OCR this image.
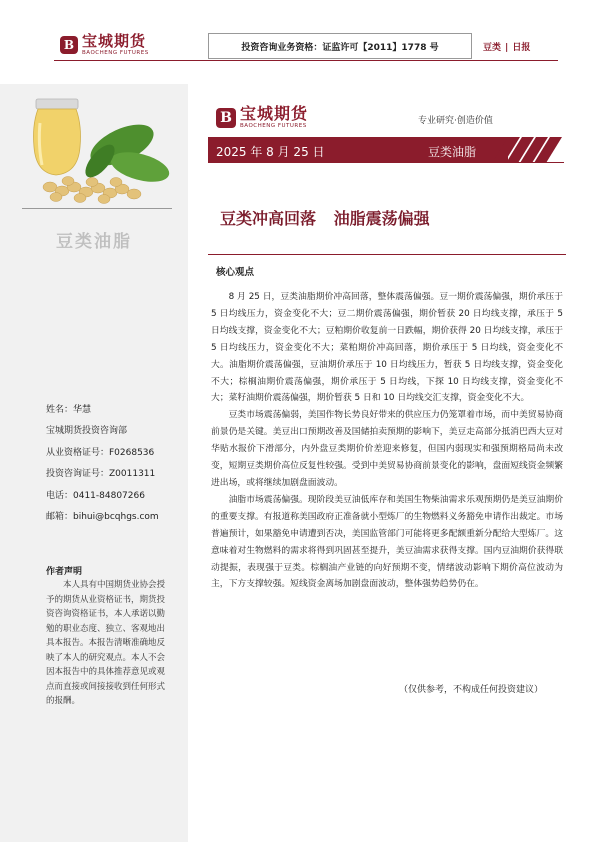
B 宝城期货
BAOCHENG FUTURES
投资咨询业务资格：证监许可【2011】1778 号	豆类 | 日报
豆类油脂
姓名：华慧
宝城期货投资咨询部
从业资格证号：F0268536
投资咨询证号：Z0011311
电话：0411-84807266
邮箱：bihui@bcqhgs.com
作者声明
本人具有中国期货业协会授予的期货从业资格证书，期货投资咨询资格证书，本人承诺以勤勉的职业态度、独立、客观地出具本报告。本报告清晰准确地反映了本人的研究观点。本人不会因本报告中的具体推荐意见或观点而直接或间接接收到任何形式的报酬。
B 宝城期货
BAOCHENG FUTURES	专业研究·创造价值
2025 年 8 月 25 日	豆类油脂
豆类冲高回落 油脂震荡偏强
核心观点

8 月 25 日，豆类油脂期价冲高回落，整体震荡偏强。豆一期价震荡偏强，期价承压于 5 日均线压力，资金变化不大；豆二期价震荡偏强，期价暂获 20 日均线支撑，承压于 5 日均线支撑，资金变化不大；豆粕期价收复前一日跌幅，期价获得 20 日均线支撑，承压于 5 日均线压力，资金变化不大；菜粕期价冲高回落，期价承压于 5 日均线，资金变化不大。油脂期价震荡偏强，豆油期价承压于 10 日均线压力，暂获 5 日均线支撑，资金变化不大；棕榈油期价震荡偏强，期价承压于 5 日均线，下探 10 日均线支撑，资金变化不大；菜籽油期价震荡偏强，期价暂获 5 日和 10 日均线交汇支撑，资金变化不大。

豆类市场震荡偏弱，美国作物长势良好带来的供应压力仍笼罩着市场，而中美贸易协商前景仍是关键。美豆出口预期改善及国储拍卖预期的影响下，美豆走高部分抵消巴西大豆对华贴水报价下滑部分，内外盘豆类期价价差迎来修复，但国内弱现实和强预期格局尚未改变，短期豆类期价高位反复性较强。受到中美贸易协商前景变化的影响，盘面短线资金频繁进出场，或将继续加剧盘面波动。

油脂市场震荡偏强。现阶段美豆油低库存和美国生物柴油需求乐观预期仍是美豆油期价的重要支撑。有报道称美国政府正准备就小型炼厂的生物燃料义务豁免申请作出裁定。市场普遍预计，如果豁免申请遭到否决，美国监管部门可能将更多配额重新分配给大型炼厂。这意味着对生物燃料的需求将得到巩固甚至提升，美豆油需求获得支撑。国内豆油期价获得联动提振，表现强于豆类。棕榈油产业链的向好预期不变，情绪波动影响下期价高位波动为主，下方支撑较强。短线资金离场加剧盘面波动，整体强势趋势仍在。

（仅供参考，不构成任何投资建议）
